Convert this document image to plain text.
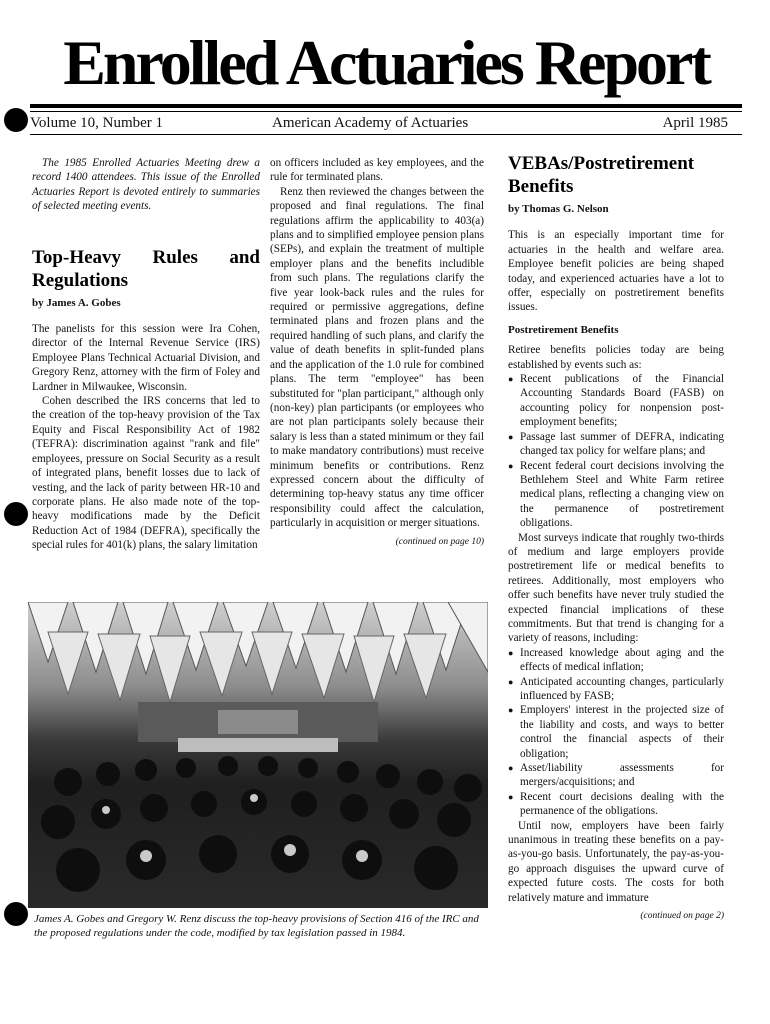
Enrolled Actuaries Report
Volume 10, Number 1	American Academy of Actuaries	April 1985

The 1985 Enrolled Actuaries Meeting drew a record 1400 attendees. This issue of the Enrolled Actuaries Report is devoted entirely to summaries of selected meeting events.

Top-Heavy Rules and Regulations
by James A. Gobes

The panelists for this session were Ira Cohen, director of the Internal Revenue Service (IRS) Employee Plans Technical Actuarial Division, and Gregory Renz, attorney with the firm of Foley and Lardner in Milwaukee, Wisconsin.

Cohen described the IRS concerns that led to the creation of the top-heavy provision of the Tax Equity and Fiscal Responsibility Act of 1982 (TEFRA): discrimination against "rank and file" employees, pressure on Social Security as a result of integrated plans, benefit losses due to lack of vesting, and the lack of parity between HR-10 and corporate plans. He also made note of the top-heavy modifications made by the Deficit Reduction Act of 1984 (DEFRA), specifically the special rules for 401(k) plans, the salary limitation

on officers included as key employees, and the rule for terminated plans.

Renz then reviewed the changes between the proposed and final regulations. The final regulations affirm the applicability to 403(a) plans and to simplified employee pension plans (SEPs), and explain the treatment of multiple employer plans and the benefits includible from such plans. The regulations clarify the five year look-back rules and the rules for required or permissive aggregations, define terminated plans and frozen plans and the required handling of such plans, and clarify the value of death benefits in split-funded plans and the application of the 1.0 rule for combined plans. The term "employee" has been substituted for "plan participant," although only (non-key) plan participants (or employees who are not plan participants solely because their salary is less than a stated minimum or they fail to make mandatory contributions) must receive minimum benefits or contributions. Renz expressed concern about the difficulty of determining top-heavy status any time officer responsibility could affect the calculation, particularly in acquisition or merger situations.

(continued on page 10)
VEBAs/Postretirement Benefits
by Thomas G. Nelson

This is an especially important time for actuaries in the health and welfare area. Employee benefit policies are being shaped today, and experienced actuaries have a lot to offer, especially on postretirement benefits issues.

Postretirement Benefits

Retiree benefits policies today are being established by events such as:

● Recent publications of the Financial Accounting Standards Board (FASB) on accounting policy for nonpension post-employment benefits;
● Passage last summer of DEFRA, indicating changed tax policy for welfare plans; and
● Recent federal court decisions involving the Bethlehem Steel and White Farm retiree medical plans, reflecting a changing view on the permanence of postretirement obligations.

Most surveys indicate that roughly two-thirds of medium and large employers provide postretirement life or medical benefits to retirees. Additionally, most employers who offer such benefits have never truly studied the expected financial implications of these commitments. But that trend is changing for a variety of reasons, including:

● Increased knowledge about aging and the effects of medical inflation;
● Anticipated accounting changes, particularly influenced by FASB;
● Employers' interest in the projected size of the liability and costs, and ways to better control the financial aspects of their obligation;
● Asset/liability assessments for mergers/acquisitions; and
● Recent court decisions dealing with the permanence of the obligations.

Until now, employers have been fairly unanimous in treating these benefits on a pay-as-you-go basis. Unfortunately, the pay-as-you-go approach disguises the upward curve of expected future costs. The costs for both relatively mature and immature

(continued on page 2)
James A. Gobes and Gregory W. Renz discuss the top-heavy provisions of Section 416 of the IRC and the proposed regulations under the code, modified by tax legislation passed in 1984.
